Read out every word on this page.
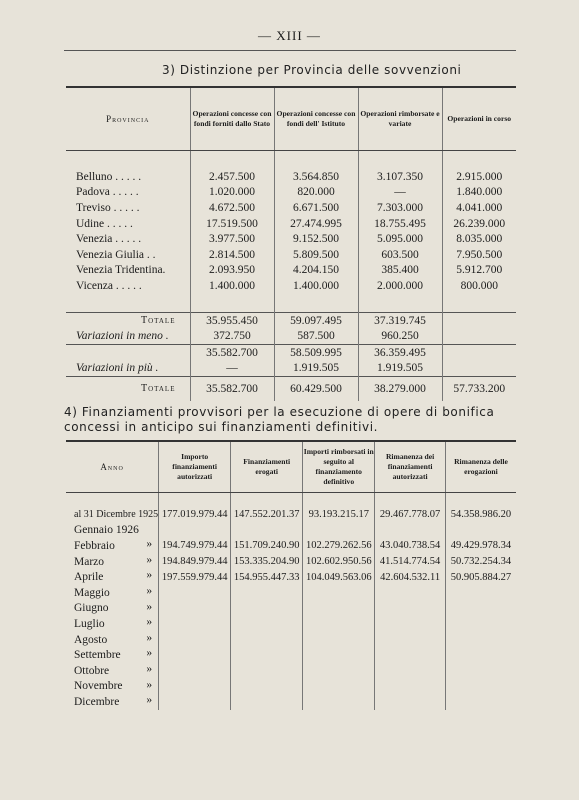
— XIII —
3) Distinzione per Provincia delle sovvenzioni
Provincia	Operazioni concesse con fondi forniti dallo Stato	Operazioni concesse con fondi dell' Istituto	Operazioni rimborsate e variate	Operazioni in corso

Belluno . . . . .	2.457.500	3.564.850	3.107.350	2.915.000
Padova . . . . .	1.020.000	820.000	—	1.840.000
Treviso . . . . .	4.672.500	6.671.500	7.303.000	4.041.000
Udine . . . . .	17.519.500	27.474.995	18.755.495	26.239.000
Venezia . . . . .	3.977.500	9.152.500	5.095.000	8.035.000
Venezia Giulia . .	2.814.500	5.809.500	603.500	7.950.500
Venezia Tridentina.	2.093.950	4.204.150	385.400	5.912.700
Vicenza . . . . .	1.400.000	1.400.000	2.000.000	800.000

Totale	35.955.450	59.097.495	37.319.745	
Variazioni in meno .	372.750	587.500	960.250	
	35.582.700	58.509.995	36.359.495	
Variazioni in più .	—	1.919.505	1.919.505	
Totale	35.582.700	60.429.500	38.279.000	57.733.200
4) Finanziamenti provvisori per la esecuzione di opere di bonifica concessi in anticipo sui finanziamenti definitivi.
Anno	Importo finanziamenti autorizzati	Finanziamenti erogati	Importi rimborsati in seguito al finanziamento definitivo	Rimanenza dei finanziamenti autorizzati	Rimanenza delle erogazioni

al 31 Dicembre 1925	177.019.979.44	147.552.201.37	93.193.215.17	29.467.778.07	54.358.986.20
Gennaio 1926

Febbraio »	194.749.979.44	151.709.240.90	102.279.262.56	43.040.738.54	49.429.978.34
Marzo »	194.849.979.44	153.335.204.90	102.602.950.56	41.514.774.54	50.732.254.34
Aprile »	197.559.979.44	154.955.447.33	104.049.563.06	42.604.532.11	50.905.884.27
Maggio »					

Giugno »					

Luglio »					

Agosto »					

Settembre »					

Ottobre »					

Novembre »					

Dicembre »					
